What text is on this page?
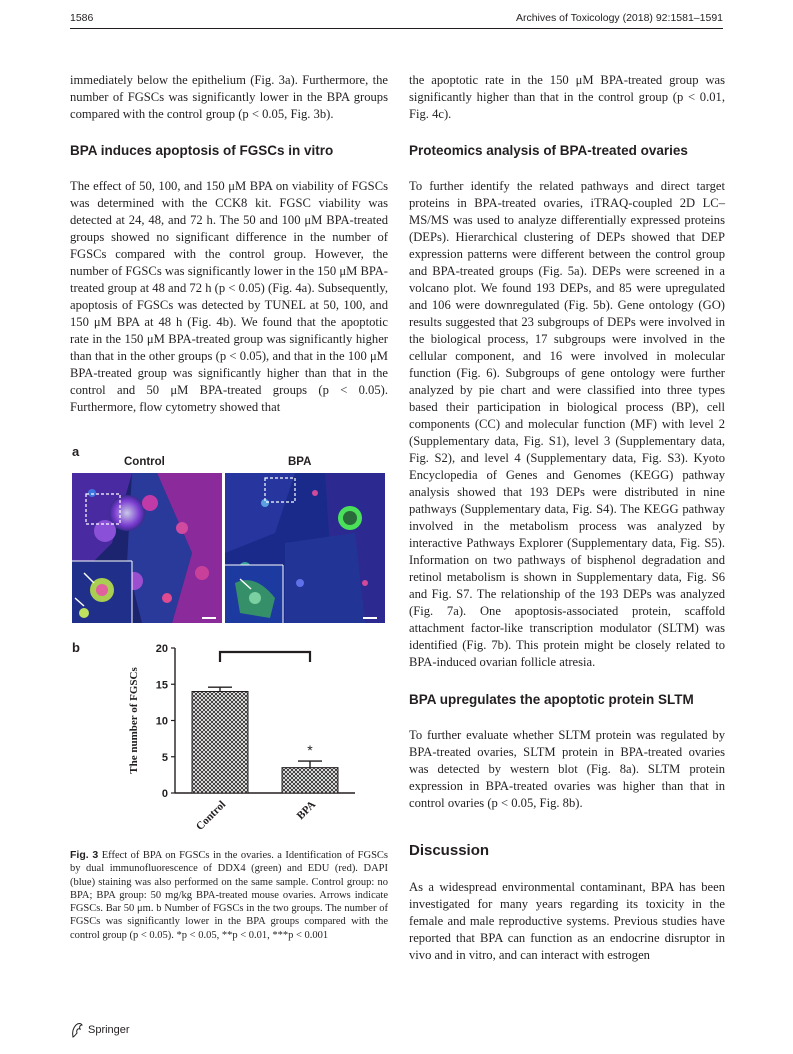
1586	Archives of Toxicology (2018) 92:1581–1591

immediately below the epithelium (Fig. 3a). Furthermore, the number of FGSCs was significantly lower in the BPA groups compared with the control group (p < 0.05, Fig. 3b).

BPA induces apoptosis of FGSCs in vitro

The effect of 50, 100, and 150 μM BPA on viability of FGSCs was determined with the CCK8 kit. FGSC viability was detected at 24, 48, and 72 h. The 50 and 100 μM BPA-treated groups showed no significant difference in the number of FGSCs compared with the control group. However, the number of FGSCs was significantly lower in the 150 μM BPA-treated group at 48 and 72 h (p < 0.05) (Fig. 4a). Subsequently, apoptosis of FGSCs was detected by TUNEL at 50, 100, and 150 μM BPA at 48 h (Fig. 4b). We found that the apoptotic rate in the 150 μM BPA-treated group was significantly higher than that in the other groups (p < 0.05), and that in the 100 μM BPA-treated group was significantly higher than that in the control and 50 μM BPA-treated groups (p < 0.05). Furthermore, flow cytometry showed that

a
Control	BPA
b
0
5
10
15
20
The number of FGSCs
Control	BPA
*

Fig. 3 Effect of BPA on FGSCs in the ovaries. a Identification of FGSCs by dual immunofluorescence of DDX4 (green) and EDU (red). DAPI (blue) staining was also performed on the same sample. Control group: no BPA; BPA group: 50 mg/kg BPA-treated mouse ovaries. Arrows indicate FGSCs. Bar 50 μm. b Number of FGSCs in the two groups. The number of FGSCs was significantly lower in the BPA groups compared with the control group (p < 0.05). *p < 0.05, **p < 0.01, ***p < 0.001

the apoptotic rate in the 150 μM BPA-treated group was significantly higher than that in the control group (p < 0.01, Fig. 4c).

Proteomics analysis of BPA-treated ovaries

To further identify the related pathways and direct target proteins in BPA-treated ovaries, iTRAQ-coupled 2D LC–MS/MS was used to analyze differentially expressed proteins (DEPs). Hierarchical clustering of DEPs showed that DEP expression patterns were different between the control group and BPA-treated groups (Fig. 5a). DEPs were screened in a volcano plot. We found 193 DEPs, and 85 were upregulated and 106 were downregulated (Fig. 5b). Gene ontology (GO) results suggested that 23 subgroups of DEPs were involved in the biological process, 17 subgroups were involved in the cellular component, and 16 were involved in molecular function (Fig. 6). Subgroups of gene ontology were further analyzed by pie chart and were classified into three types based their participation in biological process (BP), cell components (CC) and molecular function (MF) with level 2 (Supplementary data, Fig. S1), level 3 (Supplementary data, Fig. S2), and level 4 (Supplementary data, Fig. S3). Kyoto Encyclopedia of Genes and Genomes (KEGG) pathway analysis showed that 193 DEPs were distributed in nine pathways (Supplementary data, Fig. S4). The KEGG pathway involved in the metabolism process was analyzed by interactive Pathways Explorer (Supplementary data, Fig. S5). Information on two pathways of bisphenol degradation and retinol metabolism is shown in Supplementary data, Fig. S6 and Fig. S7. The relationship of the 193 DEPs was analyzed (Fig. 7a). One apoptosis-associated protein, scaffold attachment factor-like transcription modulator (SLTM) was identified (Fig. 7b). This protein might be closely related to BPA-induced ovarian follicle atresia.

BPA upregulates the apoptotic protein SLTM

To further evaluate whether SLTM protein was regulated by BPA-treated ovaries, SLTM protein in BPA-treated ovaries was detected by western blot (Fig. 8a). SLTM protein expression in BPA-treated ovaries was higher than that in control ovaries (p < 0.05, Fig. 8b).

Discussion

As a widespread environmental contaminant, BPA has been investigated for many years regarding its toxicity in the female and male reproductive systems. Previous studies have reported that BPA can function as an endocrine disruptor in vivo and in vitro, and can interact with estrogen

Springer
